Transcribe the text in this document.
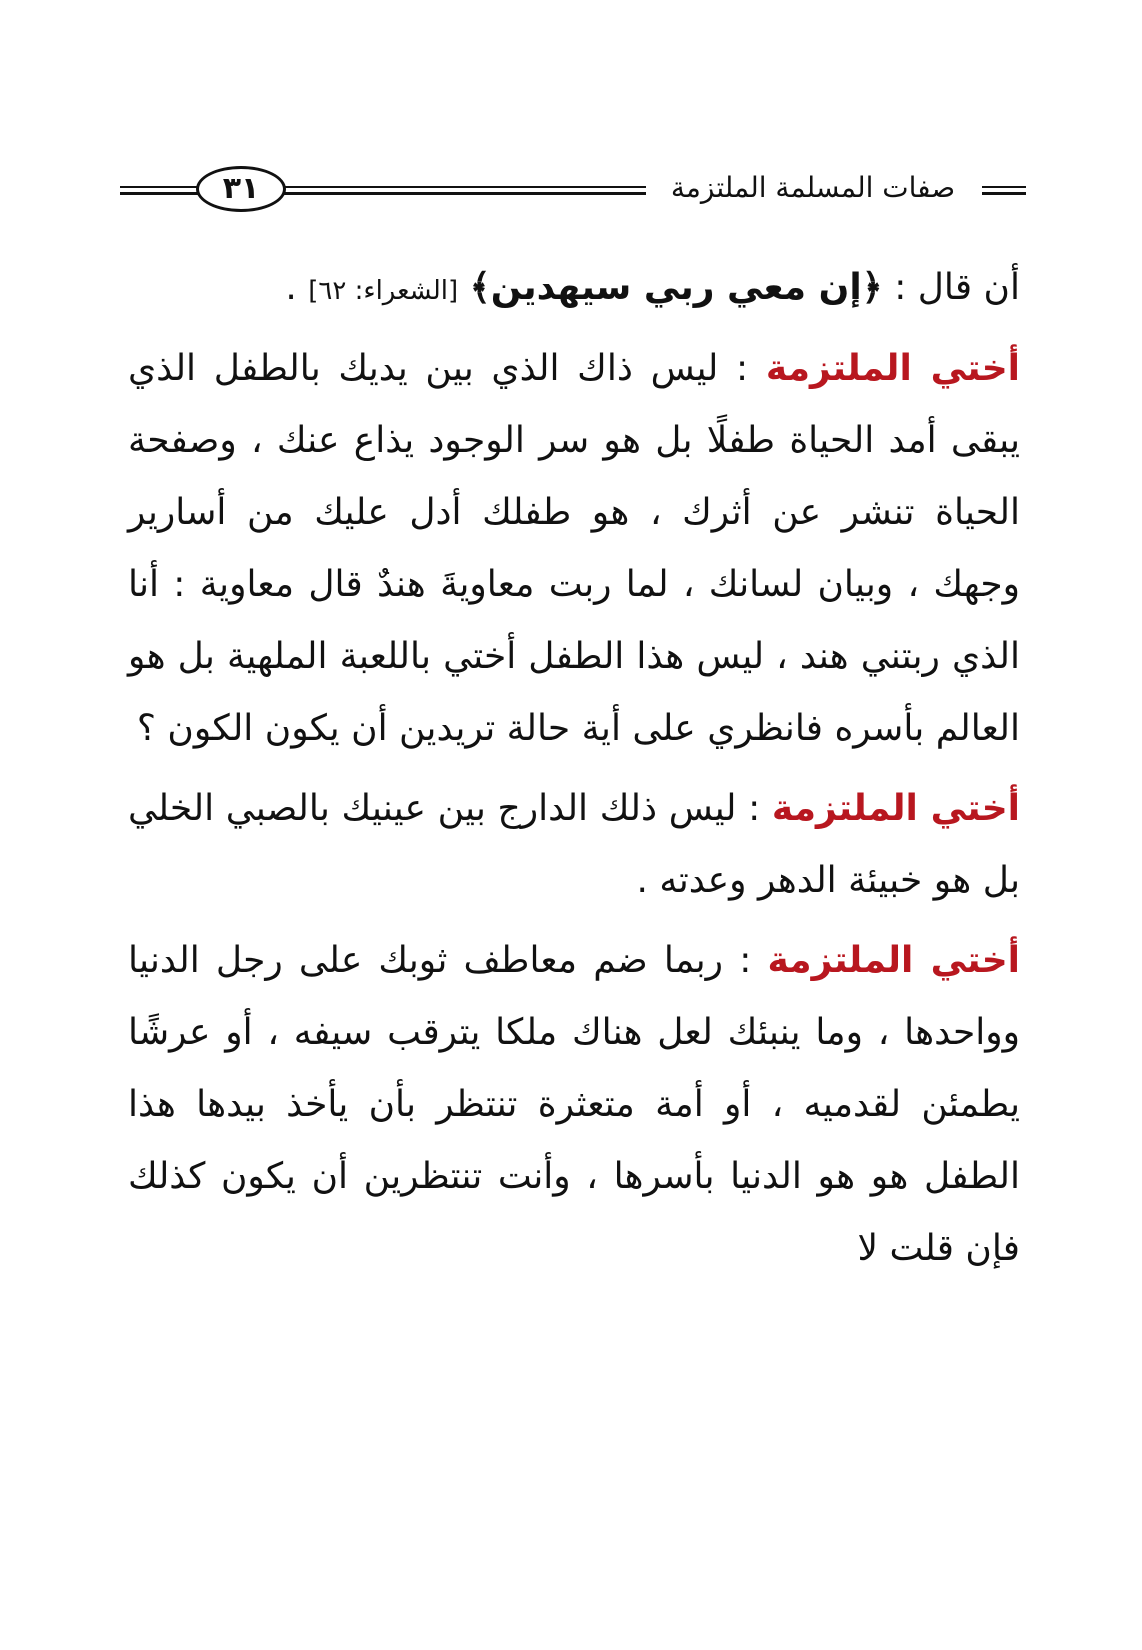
٣١	صفات المسلمة الملتزمة

أن قال : ﴿إن معي ربي سيهدين﴾ [الشعراء: ٦٢] .

أختي الملتزمة : ليس ذاك الذي بين يديك بالطفل الذي يبقى أمد الحياة طفلًا بل هو سر الوجود يذاع عنك ، وصفحة الحياة تنشر عن أثرك ، هو طفلك أدل عليك من أسارير وجهك ، وبيان لسانك ، لما ربت معاويةَ هندٌ قال معاوية : أنا الذي ربتني هند ، ليس هذا الطفل أختي باللعبة الملهية بل هو العالم بأسره فانظري على أية حالة تريدين أن يكون الكون ؟

أختي الملتزمة : ليس ذلك الدارج بين عينيك بالصبي الخلي بل هو خبيئة الدهر وعدته .

أختي الملتزمة : ربما ضم معاطف ثوبك على رجل الدنيا وواحدها ، وما ينبئك لعل هناك ملكا يترقب سيفه ، أو عرشًا يطمئن لقدميه ، أو أمة متعثرة تنتظر بأن يأخذ بيدها هذا الطفل هو هو الدنيا بأسرها ، وأنت تنتظرين أن يكون كذلك فإن قلت لا
